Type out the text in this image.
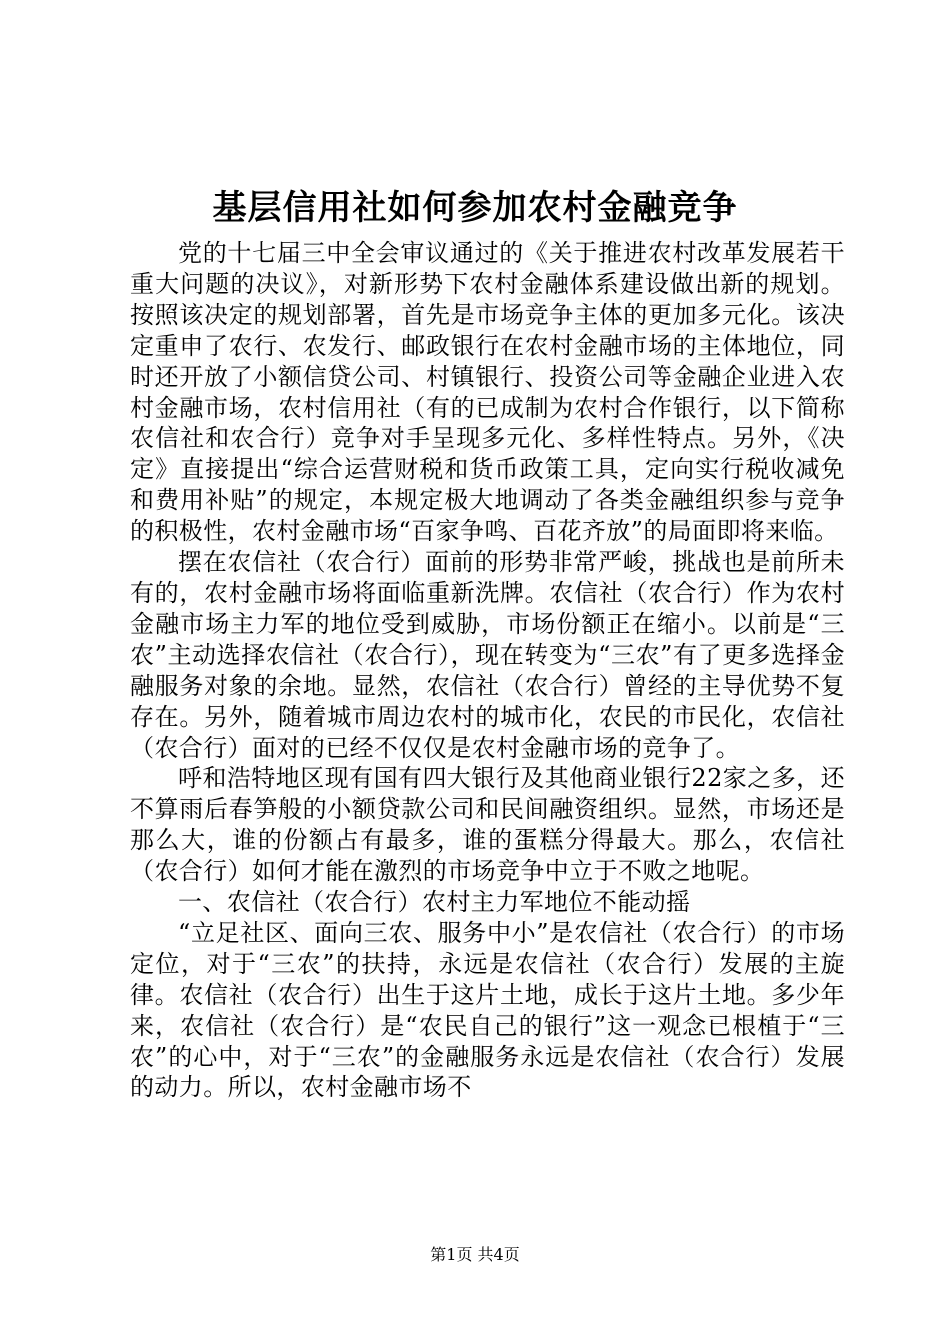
基层信用社如何参加农村金融竞争

党的十七届三中全会审议通过的《关于推进农村改革发展若干重大问题的决议》，对新形势下农村金融体系建设做出新的规划。按照该决定的规划部署，首先是市场竞争主体的更加多元化。该决定重申了农行、农发行、邮政银行在农村金融市场的主体地位，同时还开放了小额信贷公司、村镇银行、投资公司等金融企业进入农村金融市场，农村信用社（有的已成制为农村合作银行，以下简称农信社和农合行）竞争对手呈现多元化、多样性特点。另外，《决定》直接提出“综合运营财税和货币政策工具，定向实行税收减免和费用补贴”的规定，本规定极大地调动了各类金融组织参与竞争的积极性，农村金融市场“百家争鸣、百花齐放”的局面即将来临。

摆在农信社（农合行）面前的形势非常严峻，挑战也是前所未有的，农村金融市场将面临重新洗牌。农信社（农合行）作为农村金融市场主力军的地位受到威胁，市场份额正在缩小。以前是“三农”主动选择农信社（农合行），现在转变为“三农”有了更多选择金融服务对象的余地。显然，农信社（农合行）曾经的主导优势不复存在。另外，随着城市周边农村的城市化，农民的市民化，农信社（农合行）面对的已经不仅仅是农村金融市场的竞争了。

呼和浩特地区现有国有四大银行及其他商业银行22家之多，还不算雨后春笋般的小额贷款公司和民间融资组织。显然，市场还是那么大，谁的份额占有最多，谁的蛋糕分得最大。那么，农信社（农合行）如何才能在激烈的市场竞争中立于不败之地呢。

一、农信社（农合行）农村主力军地位不能动摇

“立足社区、面向三农、服务中小”是农信社（农合行）的市场定位，对于“三农”的扶持，永远是农信社（农合行）发展的主旋律。农信社（农合行）出生于这片土地，成长于这片土地。多少年来，农信社（农合行）是“农民自己的银行”这一观念已根植于“三农”的心中，对于“三农”的金融服务永远是农信社（农合行）发展的动力。所以，农村金融市场不

第1页 共4页
